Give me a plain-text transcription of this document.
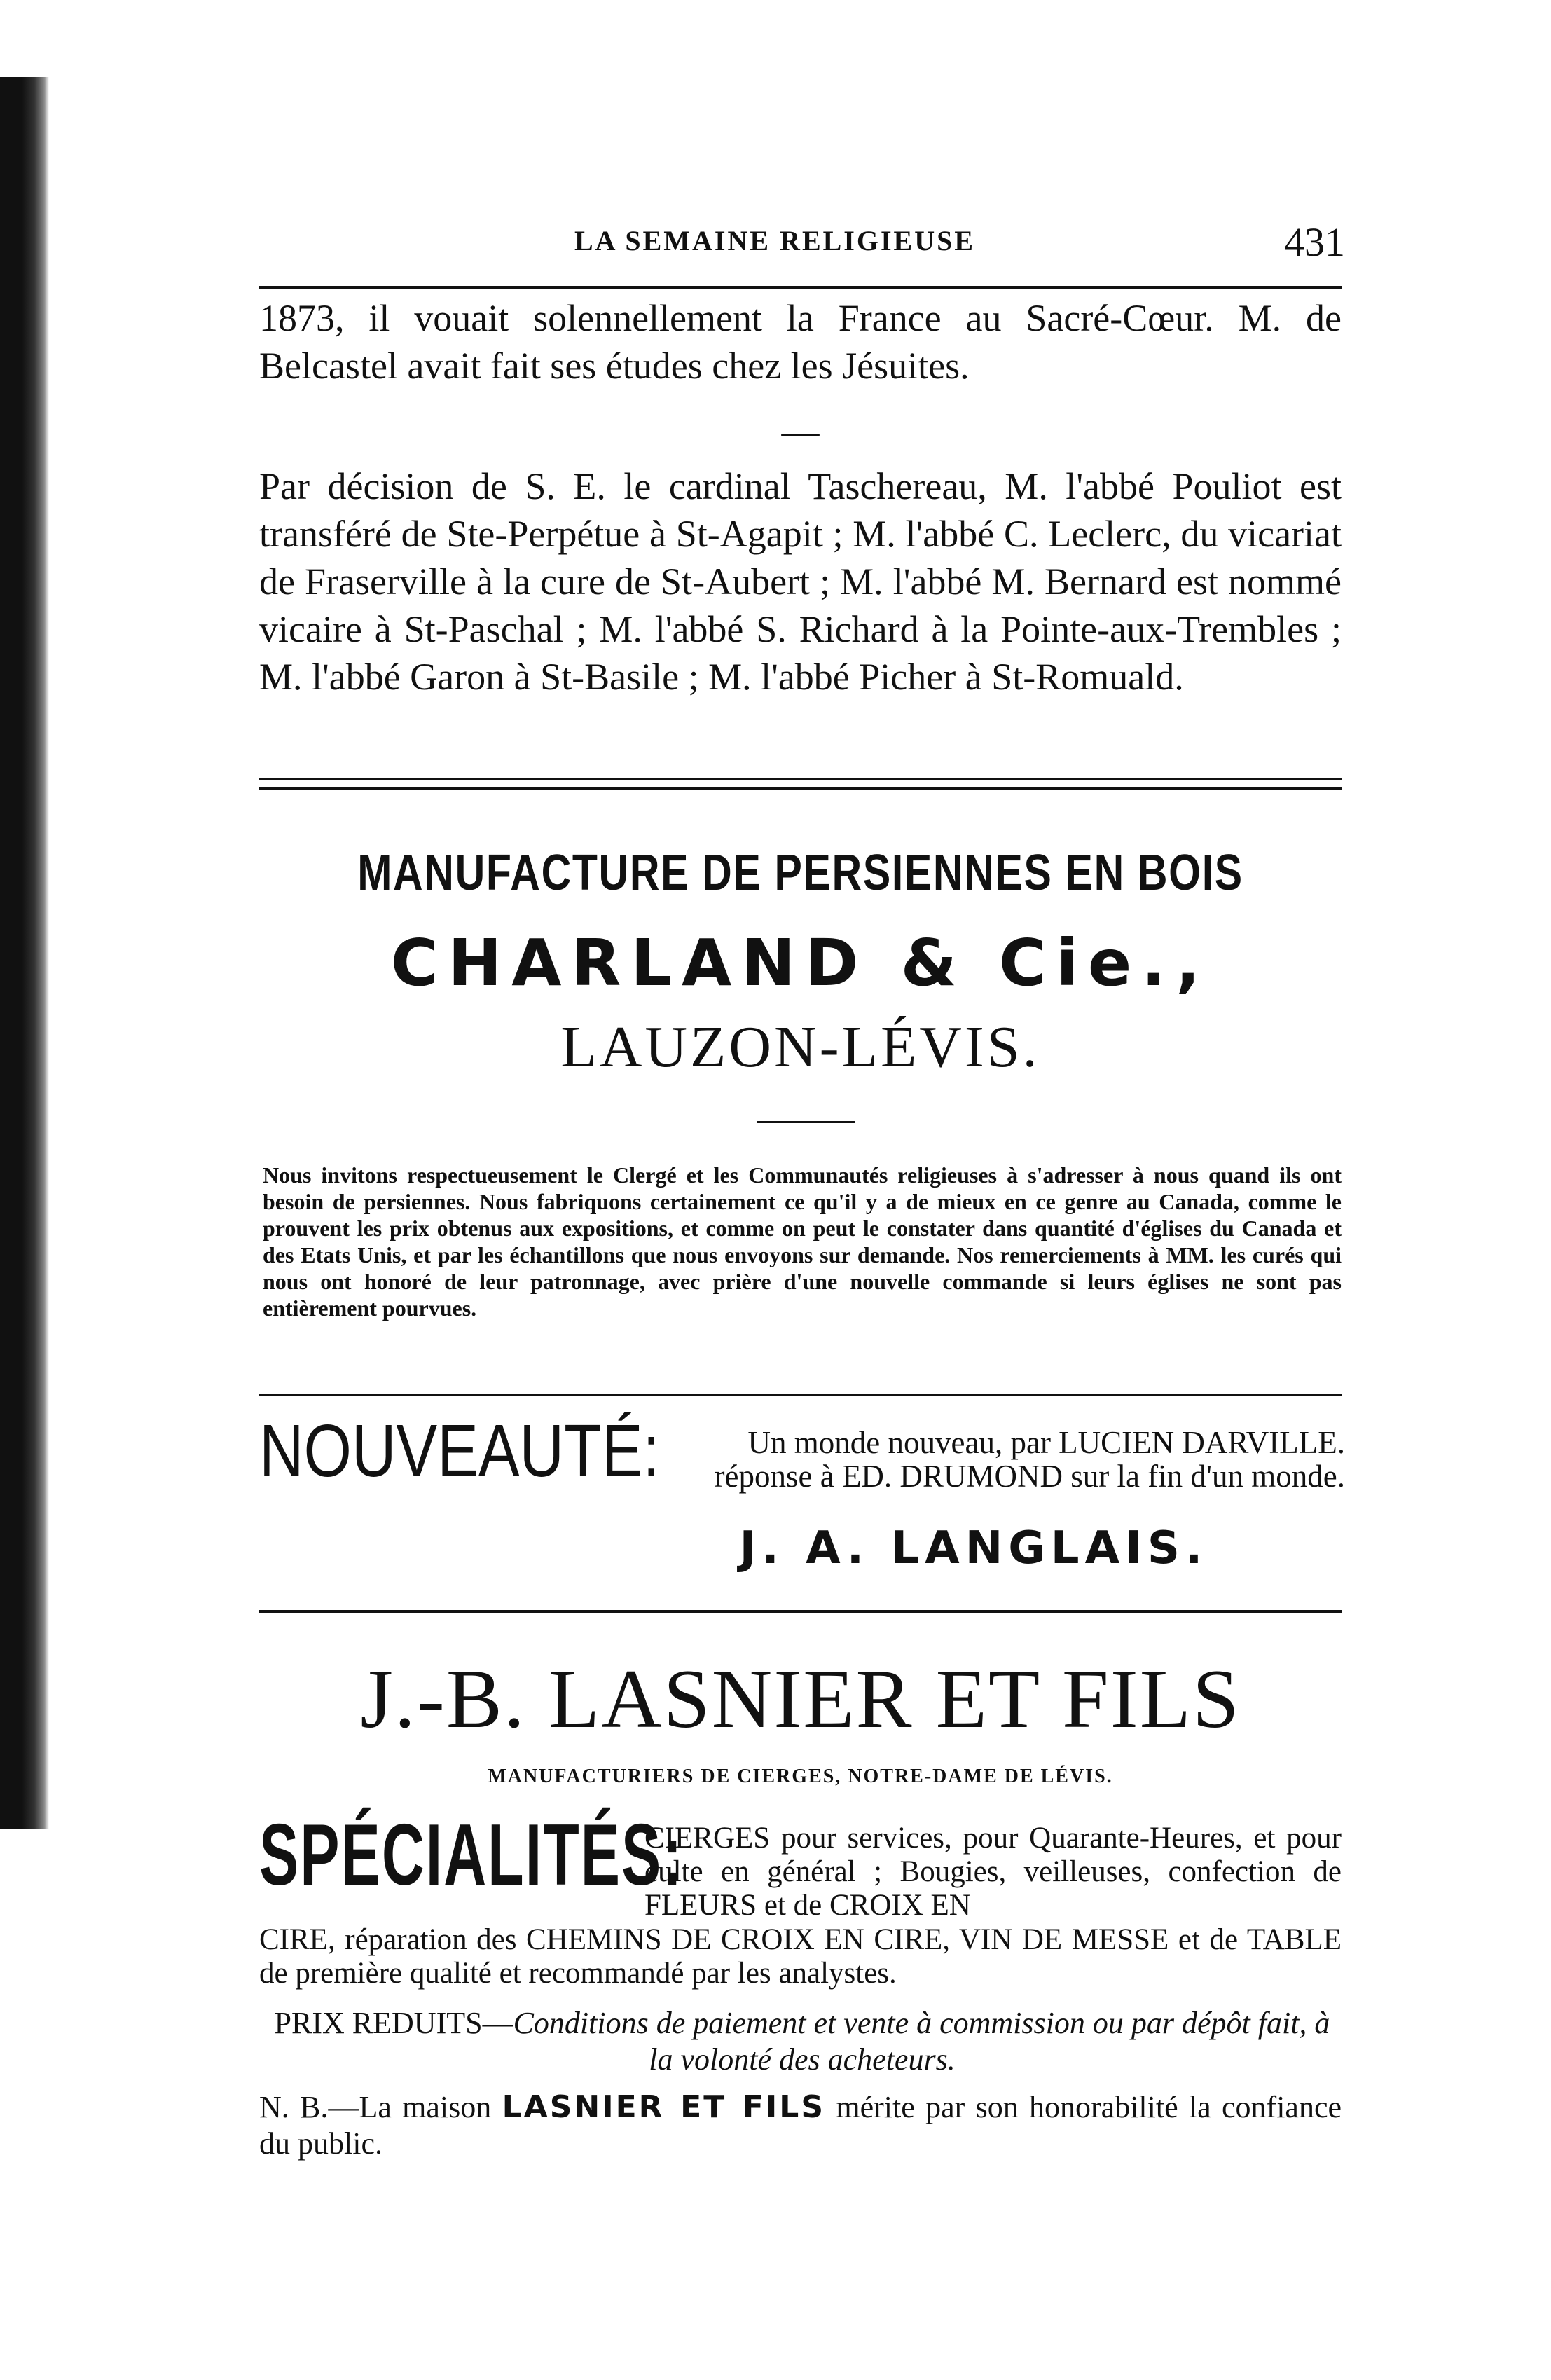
LA SEMAINE RELIGIEUSE	431

1873, il vouait solennellement la France au Sacré-Cœur. M. de Belcastel avait fait ses études chez les Jésuites.

—

Par décision de S. E. le cardinal Taschereau, M. l'abbé Pouliot est transféré de Ste-Perpétue à St-Agapit ; M. l'abbé C. Leclerc, du vicariat de Fraserville à la cure de St-Aubert ; M. l'abbé M. Bernard est nommé vicaire à St-Paschal ; M. l'abbé S. Richard à la Pointe-aux-Trembles ; M. l'abbé Garon à St-Basile ; M. l'abbé Picher à St-Romuald.

MANUFACTURE DE PERSIENNES EN BOIS
CHARLAND & Cie.,
LAUZON-LÉVIS.
Nous invitons respectueusement le Clergé et les Communautés religieuses à s'adresser à nous quand ils ont besoin de persiennes. Nous fabriquons certainement ce qu'il y a de mieux en ce genre au Canada, comme le prouvent les prix obtenus aux expositions, et comme on peut le constater dans quantité d'églises du Canada et des Etats Unis, et par les échantillons que nous envoyons sur demande. Nos remerciements à MM. les curés qui nous ont honoré de leur patronnage, avec prière d'une nouvelle commande si leurs églises ne sont pas entièrement pourvues.
NOUVEAUTÉ:	Un monde nouveau, par LUCIEN DARVILLE.
réponse à ED. DRUMOND sur la fin d'un monde.
J. A. LANGLAIS.
J.-B. LASNIER ET FILS
MANUFACTURIERS DE CIERGES, NOTRE-DAME DE LÉVIS.
SPÉCIALITÉS:
CIERGES pour services, pour Quarante-Heures, et pour culte en général ; Bougies, veilleuses, confection de FLEURS et de CROIX EN
CIRE, réparation des CHEMINS DE CROIX EN CIRE, VIN DE MESSE et de TABLE de première qualité et recommandé par les analystes.
PRIX REDUITS—Conditions de paiement et vente à commission ou par dépôt fait, à la volonté des acheteurs.
N. B.—La maison LASNIER ET FILS mérite par son honorabilité la confiance du public.
